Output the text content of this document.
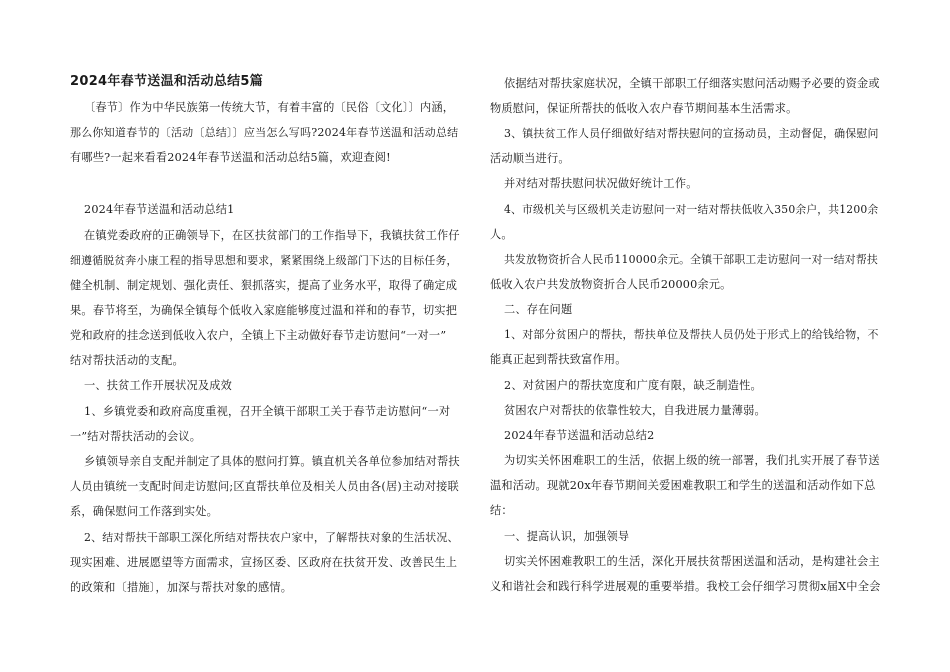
2024年春节送温和活动总结5篇
〔春节〕作为中华民族第一传统大节，有着丰富的〔民俗〔文化〕〕内涵，
那么你知道春节的〔活动〔总结〕〕应当怎么写吗?2024年春节送温和活动总结
有哪些?一起来看看2024年春节送温和活动总结5篇，欢迎查阅!
2024年春节送温和活动总结1
在镇党委政府的正确领导下，在区扶贫部门的工作指导下，我镇扶贫工作仔
细遵循脱贫奔小康工程的指导思想和要求，紧紧围绕上级部门下达的目标任务，
健全机制、制定规划、强化责任、狠抓落实，提高了业务水平，取得了确定成
果。春节将至，为确保全镇每个低收入家庭能够度过温和祥和的春节，切实把
党和政府的挂念送到低收入农户，全镇上下主动做好春节走访慰问“一对一”
结对帮扶活动的支配。
一、扶贫工作开展状况及成效
1、乡镇党委和政府高度重视，召开全镇干部职工关于春节走访慰问“一对
一”结对帮扶活动的会议。
乡镇领导亲自支配并制定了具体的慰问打算。镇直机关各单位参加结对帮扶
人员由镇统一支配时间走访慰问;区直帮扶单位及相关人员由各(居)主动对接联
系，确保慰问工作落到实处。
2、结对帮扶干部职工深化所结对帮扶农户家中，了解帮扶对象的生活状况、
现实困难、进展愿望等方面需求，宣扬区委、区政府在扶贫开发、改善民生上
的政策和〔措施〕，加深与帮扶对象的感情。
依据结对帮扶家庭状况，全镇干部职工仔细落实慰问活动赐予必要的资金或
物质慰问，保证所帮扶的低收入农户春节期间基本生活需求。
3、镇扶贫工作人员仔细做好结对帮扶慰问的宣扬动员，主动督促，确保慰问
活动顺当进行。
并对结对帮扶慰问状况做好统计工作。
4、市级机关与区级机关走访慰问一对一结对帮扶低收入350余户，共1200余
人。
共发放物资折合人民币110000余元。全镇干部职工走访慰问一对一结对帮扶
低收入农户共发放物资折合人民币20000余元。
二、存在问题
1、对部分贫困户的帮扶，帮扶单位及帮扶人员仍处于形式上的给钱给物，不
能真正起到帮扶致富作用。
2、对贫困户的帮扶宽度和广度有限，缺乏制造性。
贫困农户对帮扶的依靠性较大，自我进展力量薄弱。
2024年春节送温和活动总结2
为切实关怀困难职工的生活，依据上级的统一部署，我们扎实开展了春节送
温和活动。现就20x年春节期间关爱困难教职工和学生的送温和活动作如下总
结：
一、提高认识，加强领导
切实关怀困难教职工的生活，深化开展扶贫帮困送温和活动，是构建社会主
义和谐社会和践行科学进展观的重要举措。我校工会仔细学习贯彻x届X中全会
